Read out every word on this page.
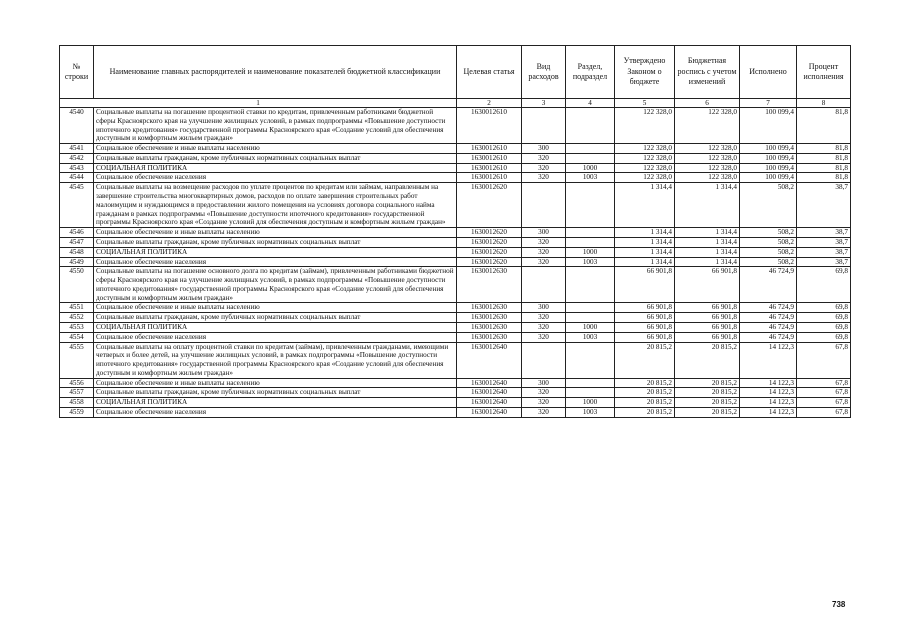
№ строки	Наименование главных распорядителей и наименование показателей бюджетной классификации	Целевая статья	Вид расходов	Раздел, подраздел	Утверждено Законом о бюджете	Бюджетная роспись с учетом изменений	Исполнено	Процент исполнения
1		2	3	4	5	6	7	8
4540	Социальные выплаты на погашение процентной ставки по кредитам, привлеченным работниками бюджетной сферы Красноярского края на улучшение жилищных условий, в рамках подпрограммы «Повышение доступности ипотечного кредитования» государственной программы Красноярского края «Создание условий для обеспечения доступным и комфортным жильем граждан»	1630012610			122 328,0	122 328,0	100 099,4	81,8
4541	Социальное обеспечение и иные выплаты населению	1630012610	300		122 328,0	122 328,0	100 099,4	81,8
4542	Социальные выплаты гражданам, кроме публичных нормативных социальных выплат	1630012610	320		122 328,0	122 328,0	100 099,4	81,8
4543	СОЦИАЛЬНАЯ ПОЛИТИКА	1630012610	320	1000	122 328,0	122 328,0	100 099,4	81,8
4544	Социальное обеспечение населения	1630012610	320	1003	122 328,0	122 328,0	100 099,4	81,8
4545	Социальные выплаты на возмещение расходов по уплате процентов по кредитам или займам, направленным на завершение строительства многоквартирных домов, расходов по оплате завершения строительных работ малоимущим и нуждающимся в предоставлении жилого помещения на условиях договора социального найма гражданам в рамках подпрограммы «Повышение доступности ипотечного кредитования» государственной программы Красноярского края «Создание условий для обеспечения доступным и комфортным жильем граждан»	1630012620			1 314,4	1 314,4	508,2	38,7
4546	Социальное обеспечение и иные выплаты населению	1630012620	300		1 314,4	1 314,4	508,2	38,7
4547	Социальные выплаты гражданам, кроме публичных нормативных социальных выплат	1630012620	320		1 314,4	1 314,4	508,2	38,7
4548	СОЦИАЛЬНАЯ ПОЛИТИКА	1630012620	320	1000	1 314,4	1 314,4	508,2	38,7
4549	Социальное обеспечение населения	1630012620	320	1003	1 314,4	1 314,4	508,2	38,7
4550	Социальные выплаты на погашение основного долга по кредитам (займам), привлеченным работниками бюджетной сферы Красноярского края на улучшение жилищных условий, в рамках подпрограммы «Повышение доступности ипотечного кредитования» государственной программы Красноярского края «Создание условий для обеспечения доступным и комфортным жильем граждан»	1630012630			66 901,8	66 901,8	46 724,9	69,8
4551	Социальное обеспечение и иные выплаты населению	1630012630	300		66 901,8	66 901,8	46 724,9	69,8
4552	Социальные выплаты гражданам, кроме публичных нормативных социальных выплат	1630012630	320		66 901,8	66 901,8	46 724,9	69,8
4553	СОЦИАЛЬНАЯ ПОЛИТИКА	1630012630	320	1000	66 901,8	66 901,8	46 724,9	69,8
4554	Социальное обеспечение населения	1630012630	320	1003	66 901,8	66 901,8	46 724,9	69,8
4555	Социальные выплаты на оплату процентной ставки по кредитам (займам), привлеченным гражданами, имеющими четверых и более детей, на улучшение жилищных условий, в рамках подпрограммы «Повышение доступности ипотечного кредитования» государственной программы Красноярского края «Создание условий для обеспечения доступным и комфортным жильем граждан»	1630012640			20 815,2	20 815,2	14 122,3	67,8
4556	Социальное обеспечение и иные выплаты населению	1630012640	300		20 815,2	20 815,2	14 122,3	67,8
4557	Социальные выплаты гражданам, кроме публичных нормативных социальных выплат	1630012640	320		20 815,2	20 815,2	14 122,3	67,8
4558	СОЦИАЛЬНАЯ ПОЛИТИКА	1630012640	320	1000	20 815,2	20 815,2	14 122,3	67,8
4559	Социальное обеспечение населения	1630012640	320	1003	20 815,2	20 815,2	14 122,3	67,8
738
